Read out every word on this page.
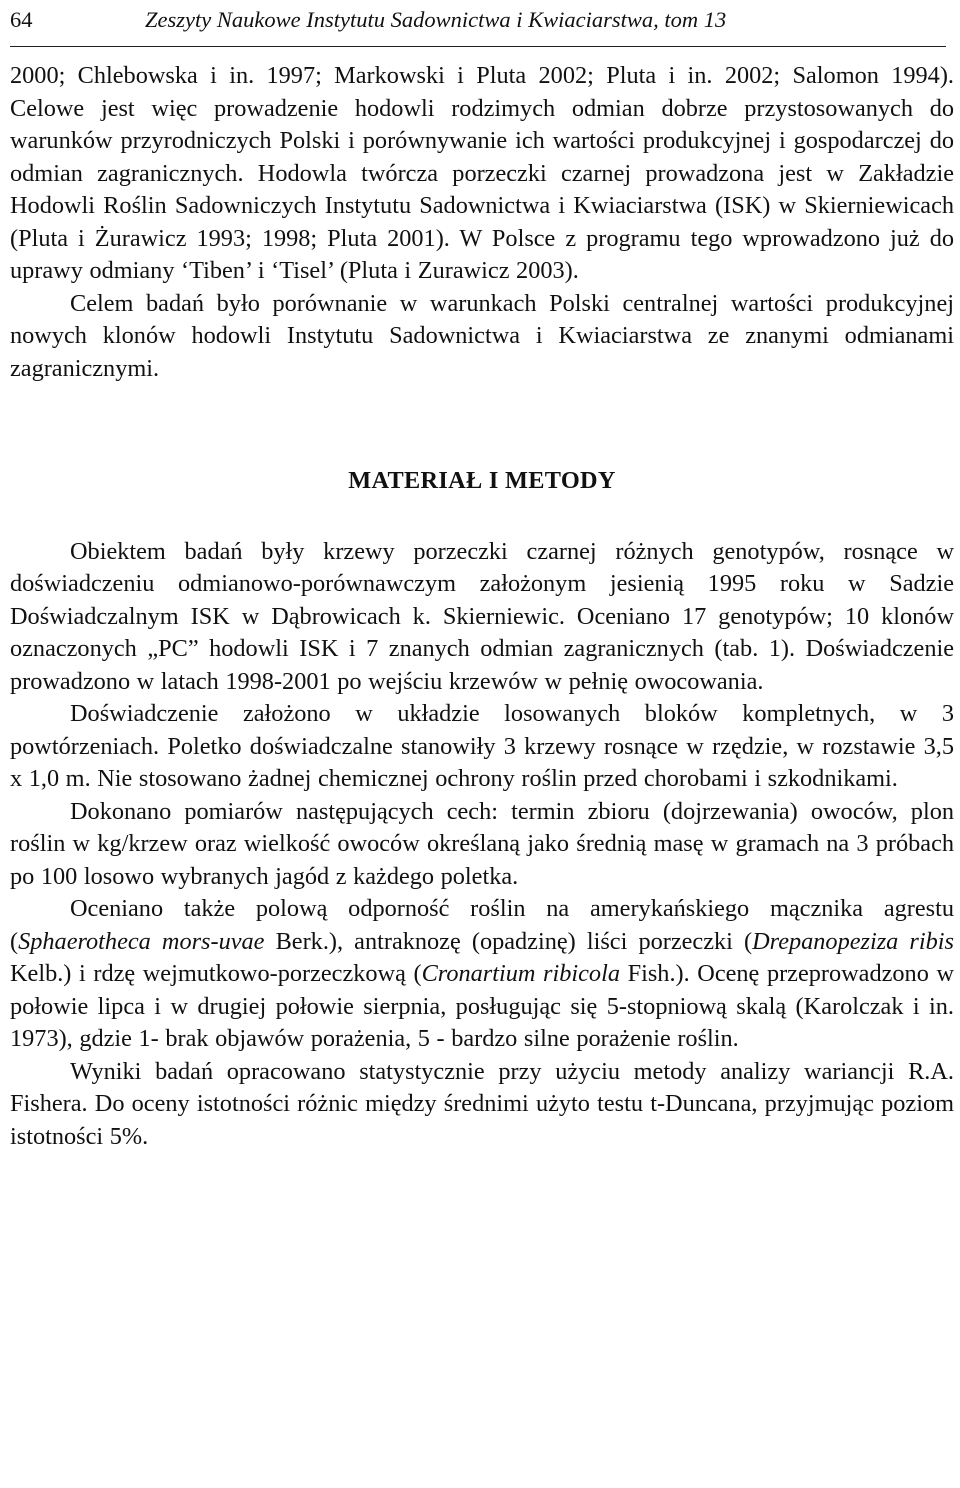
64	Zeszyty Naukowe Instytutu Sadownictwa i Kwiaciarstwa, tom 13

2000; Chlebowska i in. 1997; Markowski i Pluta 2002; Pluta i in. 2002; Salomon 1994). Celowe jest więc prowadzenie hodowli rodzimych odmian dobrze przystosowanych do warunków przyrodniczych Polski i porównywanie ich wartości produkcyjnej i gospodarczej do odmian zagranicznych. Hodowla twórcza porzeczki czarnej prowadzona jest w Zakładzie Hodowli Roślin Sadowniczych Instytutu Sadownictwa i Kwiaciarstwa (ISK) w Skierniewicach (Pluta i Żurawicz 1993; 1998; Pluta 2001). W Polsce z programu tego wprowadzono już do uprawy odmiany ‘Tiben’ i ‘Tisel’ (Pluta i Zurawicz 2003).

Celem badań było porównanie w warunkach Polski centralnej wartości produkcyjnej nowych klonów hodowli Instytutu Sadownictwa i Kwiaciarstwa ze znanymi odmianami zagranicznymi.

MATERIAŁ I METODY

Obiektem badań były krzewy porzeczki czarnej różnych genotypów, rosnące w doświadczeniu odmianowo-porównawczym założonym jesienią 1995 roku w Sadzie Doświadczalnym ISK w Dąbrowicach k. Skierniewic. Oceniano 17 genotypów; 10 klonów oznaczonych „PC” hodowli ISK i 7 znanych odmian zagranicznych (tab. 1). Doświadczenie prowadzono w latach 1998-2001 po wejściu krzewów w pełnię owocowania.

Doświadczenie założono w układzie losowanych bloków kompletnych, w 3 powtórzeniach. Poletko doświadczalne stanowiły 3 krzewy rosnące w rzędzie, w rozstawie 3,5 x 1,0 m. Nie stosowano żadnej chemicznej ochrony roślin przed chorobami i szkodnikami.

Dokonano pomiarów następujących cech: termin zbioru (dojrzewania) owoców, plon roślin w kg/krzew oraz wielkość owoców określaną jako średnią masę w gramach na 3 próbach po 100 losowo wybranych jagód z każdego poletka.

Oceniano także polową odporność roślin na amerykańskiego mącznika agrestu (Sphaerotheca mors-uvae Berk.), antraknozę (opadzinę) liści porzeczki (Drepanopeziza ribis Kelb.) i rdzę wejmutkowo-porzeczkową (Cronartium ribicola Fish.). Ocenę przeprowadzono w połowie lipca i w drugiej połowie sierpnia, posługując się 5-stopniową skalą (Karolczak i in. 1973), gdzie 1- brak objawów porażenia, 5 - bardzo silne porażenie roślin.

Wyniki badań opracowano statystycznie przy użyciu metody analizy wariancji R.A. Fishera. Do oceny istotności różnic między średnimi użyto testu t-Duncana, przyjmując poziom istotności 5%.
